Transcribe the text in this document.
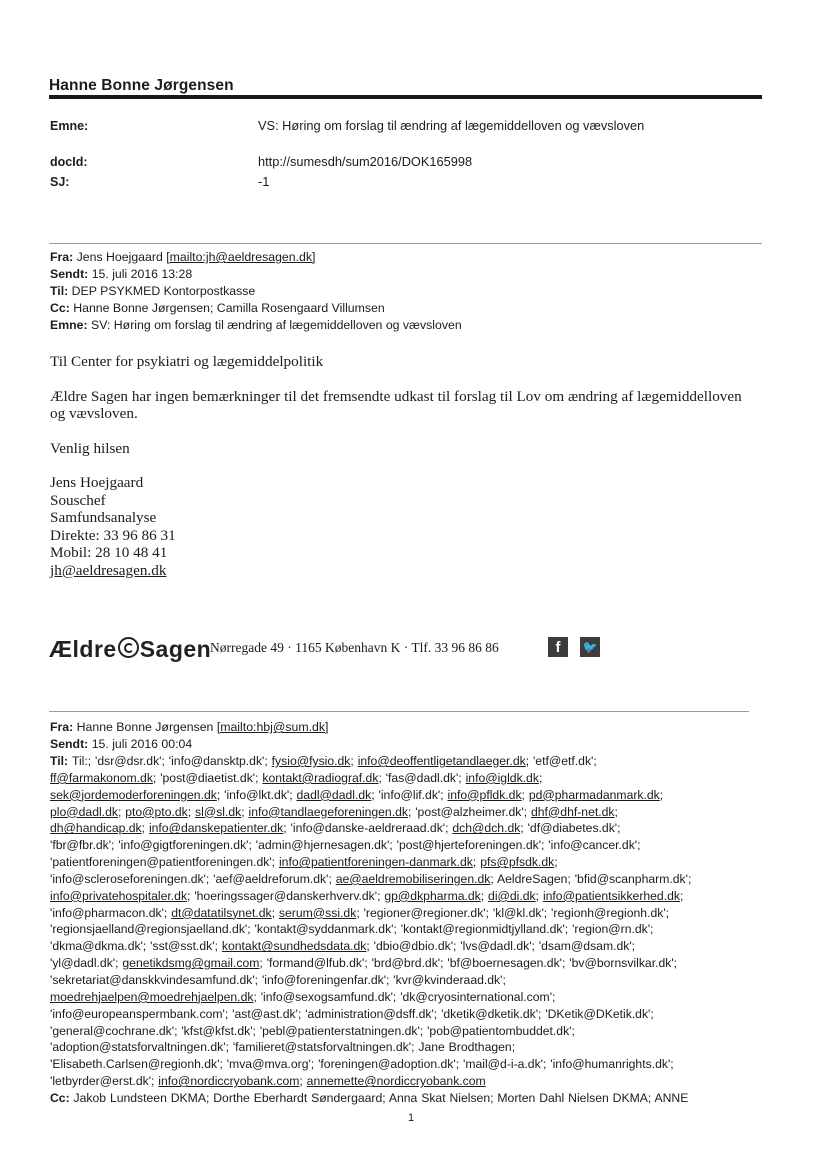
Hanne Bonne Jørgensen
Emne:	VS: Høring om forslag til ændring af lægemiddelloven og vævsloven
docId:	http://sumesdh/sum2016/DOK165998
SJ:	-1
Fra: Jens Hoejgaard [mailto:jh@aeldresagen.dk]
Sendt: 15. juli 2016 13:28
Til: DEP PSYKMED Kontorpostkasse
Cc: Hanne Bonne Jørgensen; Camilla Rosengaard Villumsen
Emne: SV: Høring om forslag til ændring af lægemiddelloven og vævsloven

Til Center for psykiatri og lægemiddelpolitik

Ældre Sagen har ingen bemærkninger til det fremsendte udkast til forslag til Lov om ændring af lægemiddelloven og vævsloven.

Venlig hilsen

Jens Hoejgaard
Souschef
Samfundsanalyse
Direkte: 33 96 86 31
Mobil: 28 10 48 41
jh@aeldresagen.dk
Ældre Sagen
Nørregade 49 · 1165 København K · Tlf. 33 96 86 86	f	🐦
Fra: Hanne Bonne Jørgensen [mailto:hbj@sum.dk]
Sendt: 15. juli 2016 00:04
Til: Til:; 'dsr@dsr.dk'; 'info@dansktp.dk'; fysio@fysio.dk; info@deoffentligetandlaeger.dk; 'etf@etf.dk';
ff@farmakonom.dk; 'post@diaetist.dk'; kontakt@radiograf.dk; 'fas@dadl.dk'; info@igldk.dk;
sek@jordemoderforeningen.dk; 'info@lkt.dk'; dadl@dadl.dk; 'info@lif.dk'; info@pfldk.dk; pd@pharmadanmark.dk;
plo@dadl.dk; pto@pto.dk; sl@sl.dk; info@tandlaegeforeningen.dk; 'post@alzheimer.dk'; dhf@dhf-net.dk;
dh@handicap.dk; info@danskepatienter.dk; 'info@danske-aeldreraad.dk'; dch@dch.dk; 'df@diabetes.dk';
'fbr@fbr.dk'; 'info@gigtforeningen.dk'; 'admin@hjernesagen.dk'; 'post@hjerteforeningen.dk'; 'info@cancer.dk';
'patientforeningen@patientforeningen.dk'; info@patientforeningen-danmark.dk; pfs@pfsdk.dk;
'info@scleroseforeningen.dk'; 'aef@aeldreforum.dk'; ae@aeldremobiliseringen.dk; AeldreSagen; 'bfid@scanpharm.dk';
info@privatehospitaler.dk; 'hoeringssager@danskerhverv.dk'; gp@dkpharma.dk; di@di.dk; info@patientsikkerhed.dk;
'info@pharmacon.dk'; dt@datatilsynet.dk; serum@ssi.dk; 'regioner@regioner.dk'; 'kl@kl.dk'; 'regionh@regionh.dk';
'regionsjaelland@regionsjaelland.dk'; 'kontakt@syddanmark.dk'; 'kontakt@regionmidtjylland.dk'; 'region@rn.dk';
'dkma@dkma.dk'; 'sst@sst.dk'; kontakt@sundhedsdata.dk; 'dbio@dbio.dk'; 'lvs@dadl.dk'; 'dsam@dsam.dk';
'yl@dadl.dk'; genetikdsmg@gmail.com; 'formand@lfub.dk'; 'brd@brd.dk'; 'bf@boernesagen.dk'; 'bv@bornsvilkar.dk';
'sekretariat@danskkvindesamfund.dk'; 'info@foreningenfar.dk'; 'kvr@kvinderaad.dk';
moedrehjaelpen@moedrehjaelpen.dk; 'info@sexogsamfund.dk'; 'dk@cryosinternational.com';
'info@europeanspermbank.com'; 'ast@ast.dk'; 'administration@dsff.dk'; 'dketik@dketik.dk'; 'DKetik@DKetik.dk';
'general@cochrane.dk'; 'kfst@kfst.dk'; 'pebl@patienterstatningen.dk'; 'pob@patientombuddet.dk';
'adoption@statsforvaltningen.dk'; 'familieret@statsforvaltningen.dk'; Jane Brodthagen;
'Elisabeth.Carlsen@regionh.dk'; 'mva@mva.org'; 'foreningen@adoption.dk'; 'mail@d-i-a.dk'; 'info@humanrights.dk';
'letbyrder@erst.dk'; info@nordiccryobank.com; annemette@nordiccryobank.com
Cc: Jakob Lundsteen DKMA; Dorthe Eberhardt Søndergaard; Anna Skat Nielsen; Morten Dahl Nielsen DKMA; ANNE
1
